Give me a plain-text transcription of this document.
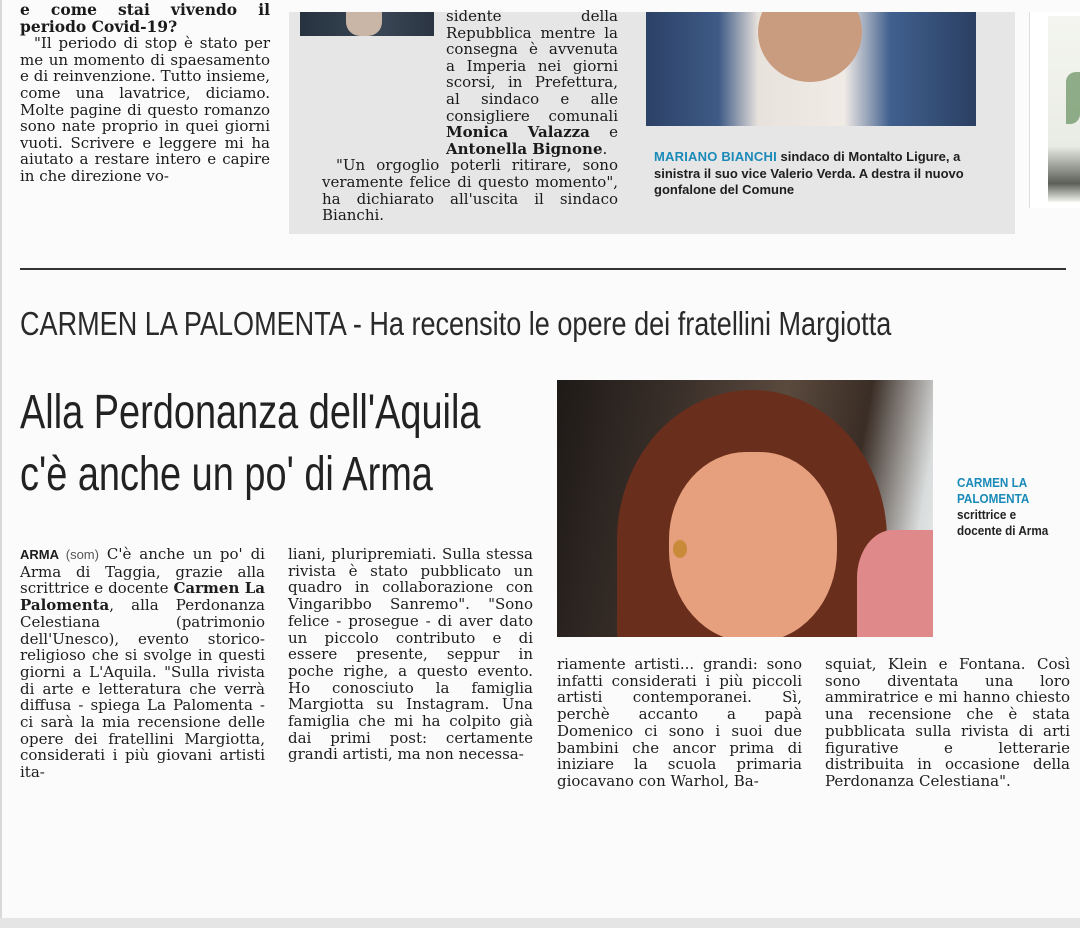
e come stai vivendo il periodo Covid-19?
"Il periodo di stop è stato per me un momento di spaesamento e di reinvenzione. Tutto insieme, come una lavatrice, diciamo. Molte pagine di questo romanzo sono nate proprio in quei giorni vuoti. Scrivere e leggere mi ha aiutato a restare intero e capire in che direzione vo-

sidente della Repubblica mentre la consegna è avvenuta a Imperia nei giorni scorsi, in Prefettura, al sindaco e alle consigliere comunali Monica Valazza e Antonella Bignone.

"Un orgoglio poterli ritirare, sono veramente felice di questo momento", ha dichiarato all'uscita il sindaco Bianchi.

MARIANO BIANCHI sindaco di Montalto Ligure, a sinistra il suo vice Valerio Verda. A destra il nuovo gonfalone del Comune
CARMEN LA PALOMENTA - Ha recensito le opere dei fratellini Margiotta
Alla Perdonanza dell'Aquila
c'è anche un po' di Arma	CARMEN LA PALOMENTA
scrittrice e docente di Arma
ARMA (som) C'è anche un po' di Arma di Taggia, grazie alla scrittrice e docente Carmen La Palomenta, alla Perdonanza Celestiana (patrimonio dell'Unesco), evento storico-religioso che si svolge in questi giorni a L'Aquila. "Sulla rivista di arte e letteratura che verrà diffusa - spiega La Palomenta - ci sarà la mia recensione delle opere dei fratellini Margiotta, considerati i più giovani artisti ita-
liani, pluripremiati. Sulla stessa rivista è stato pubblicato un quadro in collaborazione con Vingaribbo Sanremo". "Sono felice - prosegue - di aver dato un piccolo contributo e di essere presente, seppur in poche righe, a questo evento. Ho conosciuto la famiglia Margiotta su Instagram. Una famiglia che mi ha colpito già dai primi post: certamente grandi artisti, ma non necessa-
riamente artisti... grandi: sono infatti considerati i più piccoli artisti contemporanei. Sì, perchè accanto a papà Domenico ci sono i suoi due bambini che ancor prima di iniziare la scuola primaria giocavano con Warhol, Ba-
squiat, Klein e Fontana. Così sono diventata una loro ammiratrice e mi hanno chiesto una recensione che è stata pubblicata sulla rivista di arti figurative e letterarie distribuita in occasione della Perdonanza Celestiana".
